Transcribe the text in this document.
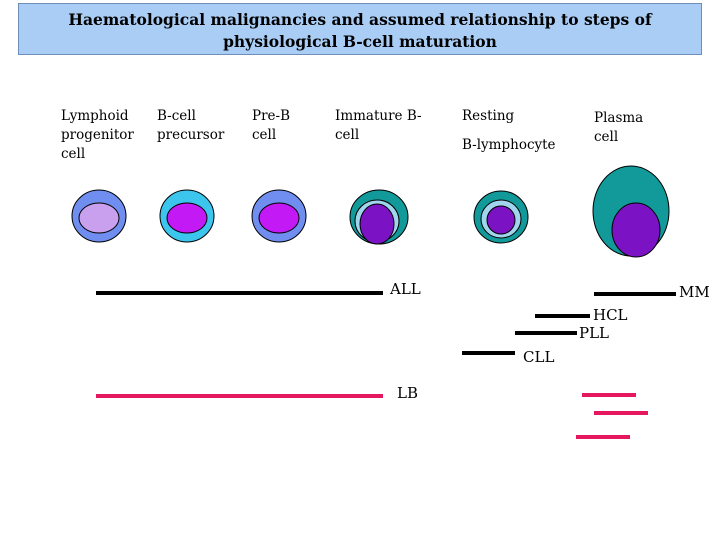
Haematological malignancies and assumed relationship to steps of
physiological B-cell maturation
Lymphoid
progenitor
cell
B-cell
precursor
Pre-B
cell
Immature B-
cell
Resting
B-lymphocyte
Plasma
cell
ALL	MM
HCL
PLL
CLL
LB
